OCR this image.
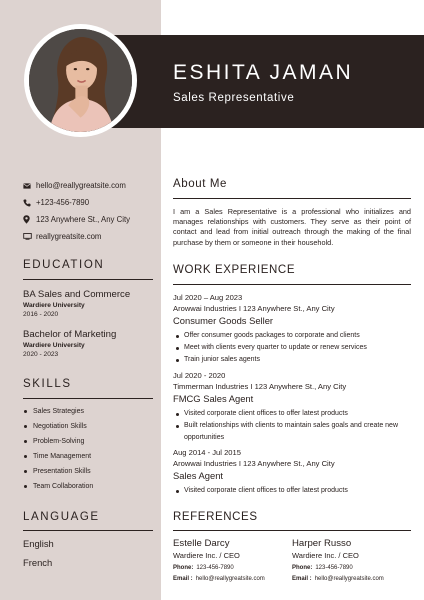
ESHITA JAMAN
Sales Representative
hello@reallygreatsite.com
+123-456-7890
123 Anywhere St., Any City
reallygreatsite.com
EDUCATION
BA Sales and Commerce
Wardiere University
2016 - 2020
Bachelor of Marketing
Wardiere University
2020 - 2023
SKILLS
Sales Strategies
Negotiation Skills
Problem-Solving
Time Management
Presentation Skills
Team Collaboration
LANGUAGE
English
French
About Me

I am a Sales Representative is a professional who initializes and manages relationships with customers. They serve as their point of contact and lead from initial outreach through the making of the final purchase by them or someone in their household.

WORK EXPERIENCE
Jul 2020 – Aug 2023
Arowwai Industries I 123 Anywhere St., Any City
Consumer Goods Seller
Offer consumer goods packages to corporate and clients
Meet with clients every quarter to update or renew services
Train junior sales agents
Jul 2020 - 2020
Timmerman Industries I 123 Anywhere St., Any City
FMCG Sales Agent
Visited corporate client offices to offer latest products
Built relationships with clients to maintain sales goals and create new opportunities
Aug 2014 - Jul 2015
Arowwai Industries I 123 Anywhere St., Any City
Sales Agent
Visited corporate client offices to offer latest products
REFERENCES
Estelle Darcy
Wardiere Inc. / CEO
Phone: 123-456-7890
Email : hello@reallygreatsite.com
Harper Russo
Wardiere Inc. / CEO
Phone: 123-456-7890
Email : hello@reallygreatsite.com
